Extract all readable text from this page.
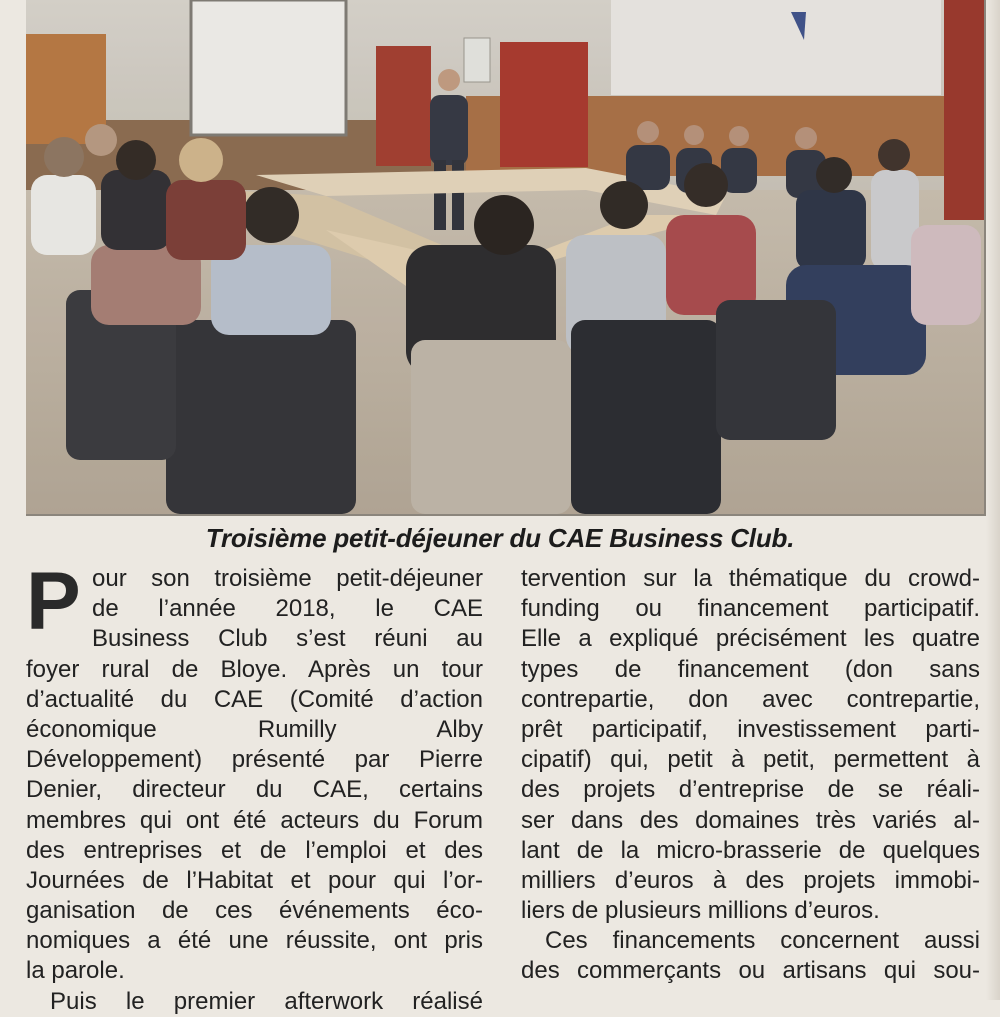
Troisième petit-déjeuner du CAE Business Club.
P our son troisième petit-déjeuner
de l’année 2018, le CAE
Business Club s’est réuni au
foyer rural de Bloye. Après un tour
d’actualité du CAE (Comité d’action
économique Rumilly Alby
Développement) présenté par Pierre
Denier, directeur du CAE, certains
membres qui ont été acteurs du Forum
des entreprises et de l’emploi et des
Journées de l’Habitat et pour qui l’or-
ganisation de ces événements éco-
nomiques a été une réussite, ont pris
la parole.
Puis le premier afterwork réalisé
tervention sur la thématique du crowd-
funding ou financement participatif.
Elle a expliqué précisément les quatre
types de financement (don sans
contrepartie, don avec contrepartie,
prêt participatif, investissement parti-
cipatif) qui, petit à petit, permettent à
des projets d’entreprise de se réali-
ser dans des domaines très variés al-
lant de la micro-brasserie de quelques
milliers d’euros à des projets immobi-
liers de plusieurs millions d’euros.
Ces financements concernent aussi
des commerçants ou artisans qui sou-
